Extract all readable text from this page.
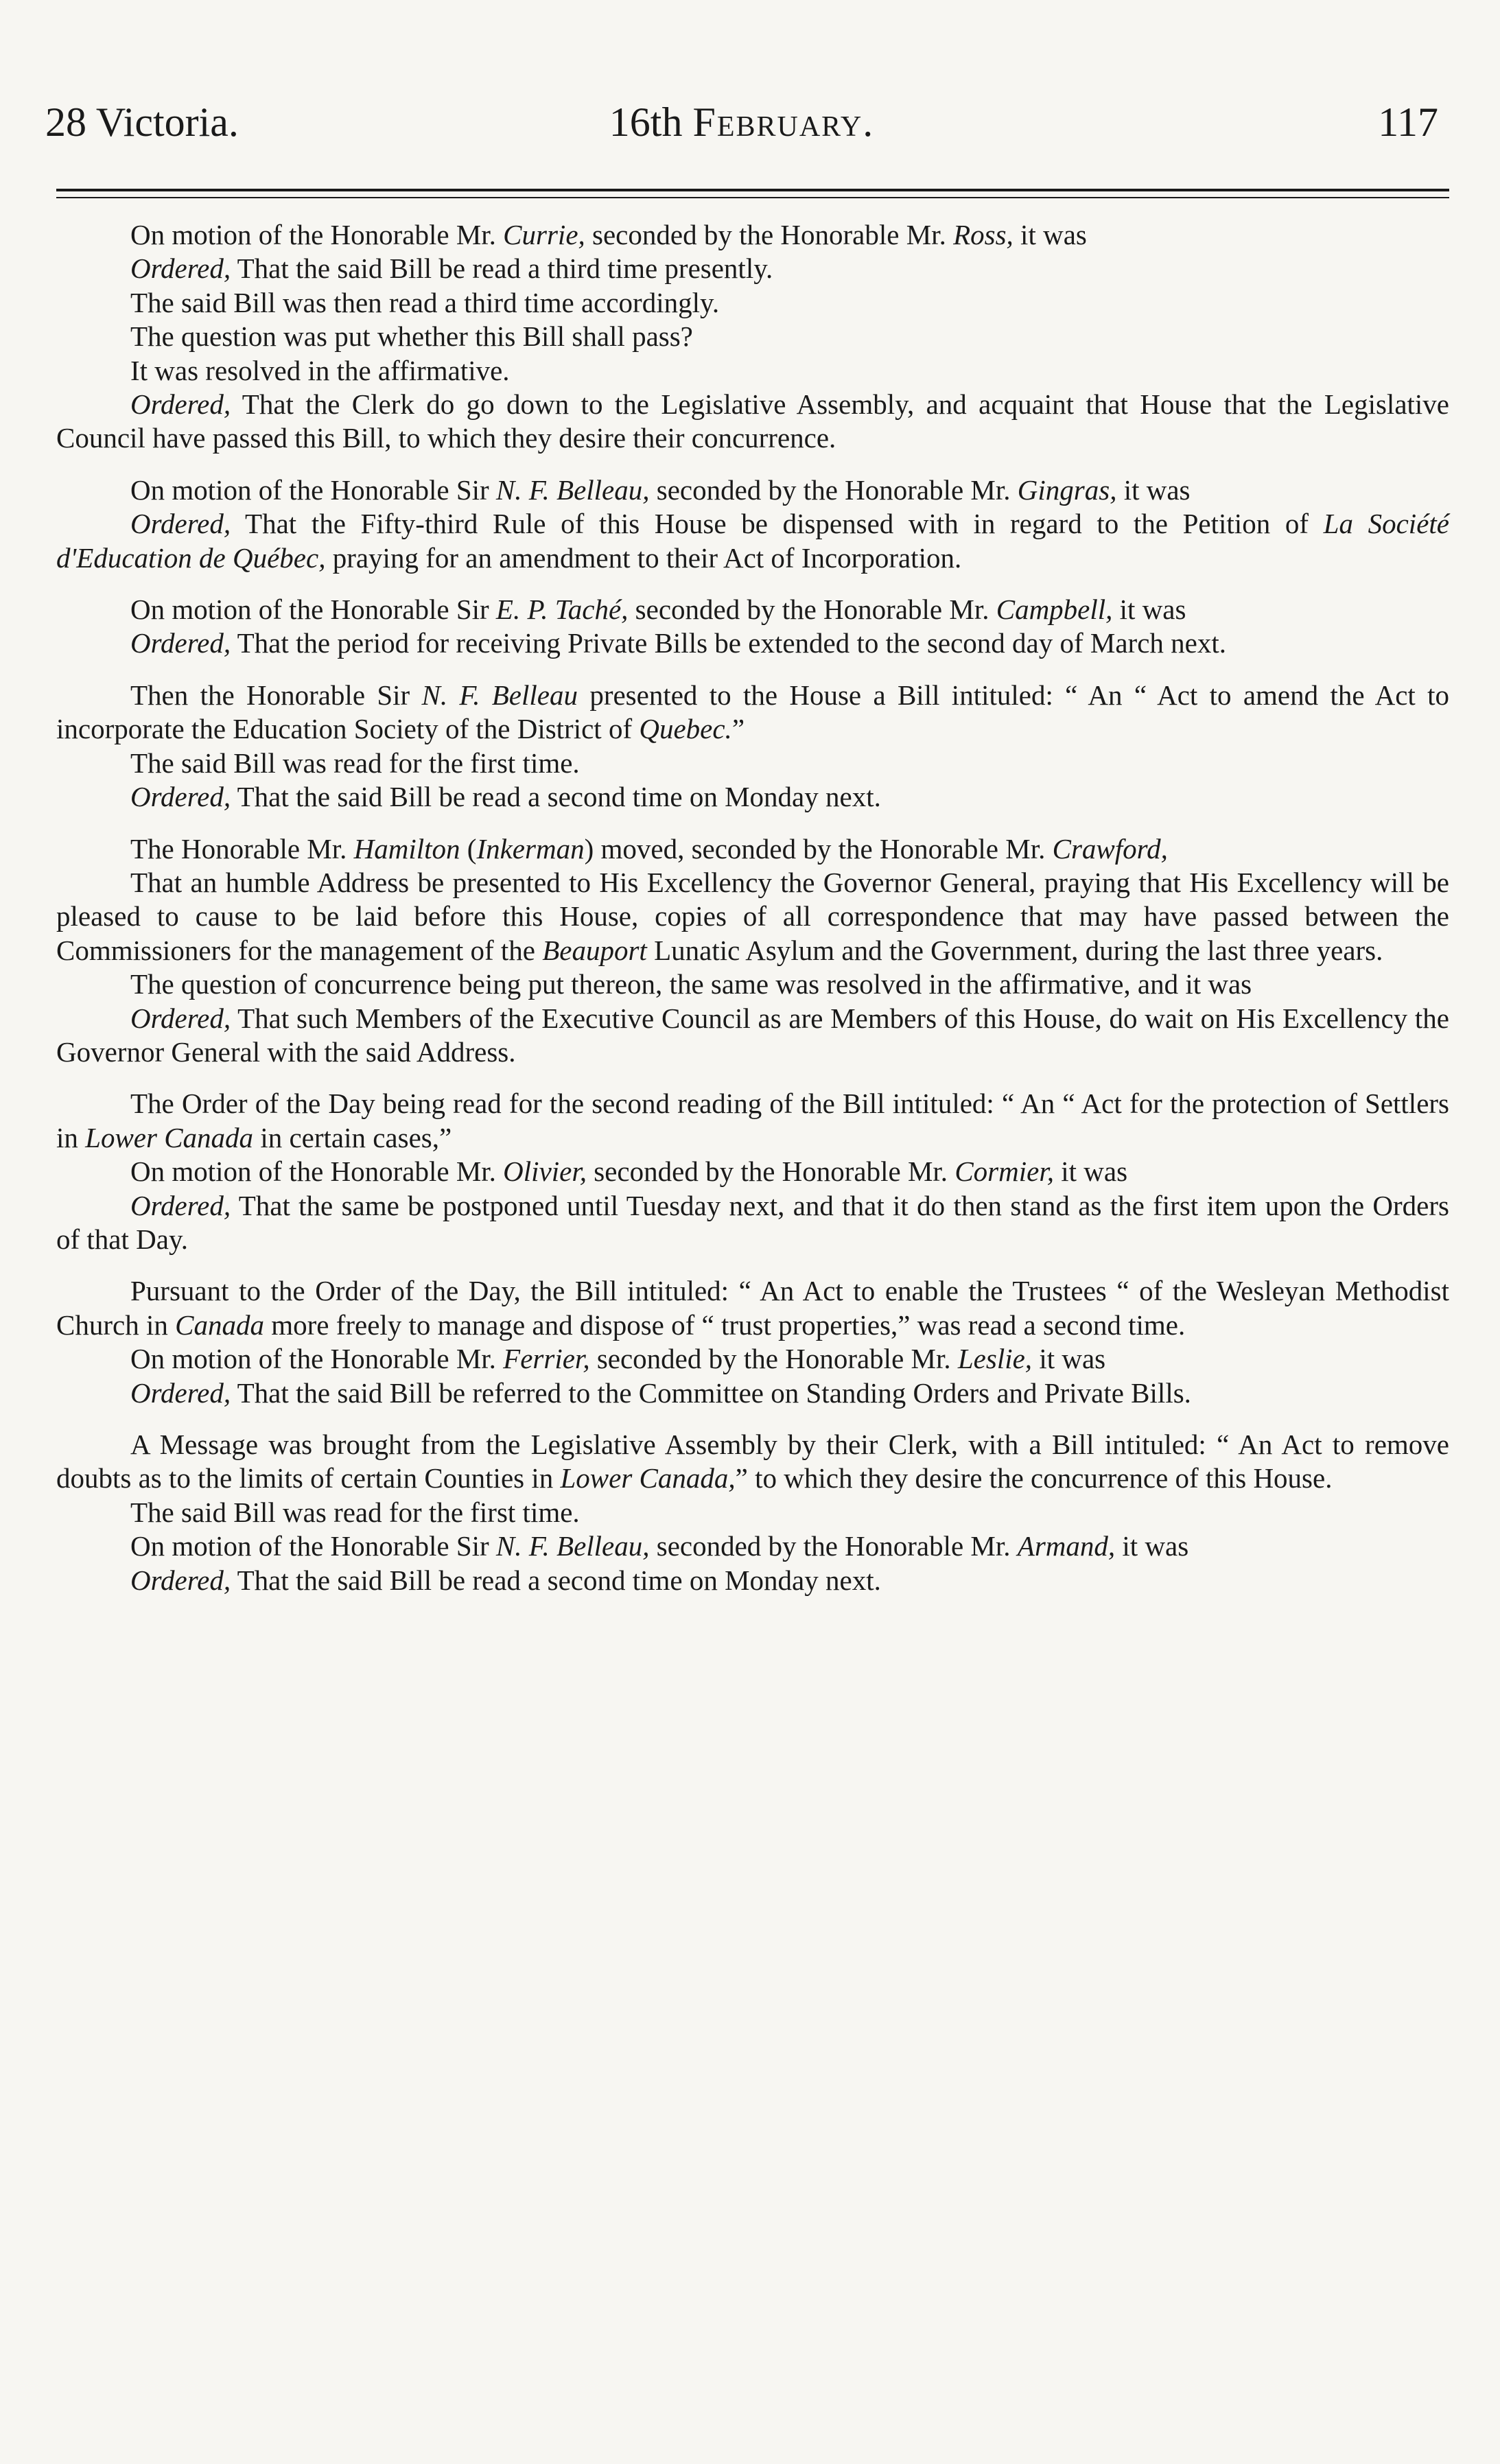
28 Victoria.	16th February.	117

On motion of the Honorable Mr. Currie, seconded by the Honorable Mr. Ross, it was

Ordered, That the said Bill be read a third time presently.

The said Bill was then read a third time accordingly.

The question was put whether this Bill shall pass?

It was resolved in the affirmative.

Ordered, That the Clerk do go down to the Legislative Assembly, and acquaint that House that the Legislative Council have passed this Bill, to which they desire their concurrence.

On motion of the Honorable Sir N. F. Belleau, seconded by the Honorable Mr. Gingras, it was

Ordered, That the Fifty-third Rule of this House be dispensed with in regard to the Petition of La Société d'Education de Québec, praying for an amendment to their Act of Incorporation.

On motion of the Honorable Sir E. P. Taché, seconded by the Honorable Mr. Campbell, it was

Ordered, That the period for receiving Private Bills be extended to the second day of March next.

Then the Honorable Sir N. F. Belleau presented to the House a Bill intituled: “ An “ Act to amend the Act to incorporate the Education Society of the District of Quebec.”

The said Bill was read for the first time.

Ordered, That the said Bill be read a second time on Monday next.

The Honorable Mr. Hamilton (Inkerman) moved, seconded by the Honorable Mr. Crawford,

That an humble Address be presented to His Excellency the Governor General, praying that His Excellency will be pleased to cause to be laid before this House, copies of all correspondence that may have passed between the Commissioners for the management of the Beauport Lunatic Asylum and the Government, during the last three years.

The question of concurrence being put thereon, the same was resolved in the affirmative, and it was

Ordered, That such Members of the Executive Council as are Members of this House, do wait on His Excellency the Governor General with the said Address.

The Order of the Day being read for the second reading of the Bill intituled: “ An “ Act for the protection of Settlers in Lower Canada in certain cases,”

On motion of the Honorable Mr. Olivier, seconded by the Honorable Mr. Cormier, it was

Ordered, That the same be postponed until Tuesday next, and that it do then stand as the first item upon the Orders of that Day.

Pursuant to the Order of the Day, the Bill intituled: “ An Act to enable the Trustees “ of the Wesleyan Methodist Church in Canada more freely to manage and dispose of “ trust properties,” was read a second time.

On motion of the Honorable Mr. Ferrier, seconded by the Honorable Mr. Leslie, it was

Ordered, That the said Bill be referred to the Committee on Standing Orders and Private Bills.

A Message was brought from the Legislative Assembly by their Clerk, with a Bill intituled: “ An Act to remove doubts as to the limits of certain Counties in Lower Canada,” to which they desire the concurrence of this House.

The said Bill was read for the first time.

On motion of the Honorable Sir N. F. Belleau, seconded by the Honorable Mr. Armand, it was

Ordered, That the said Bill be read a second time on Monday next.
